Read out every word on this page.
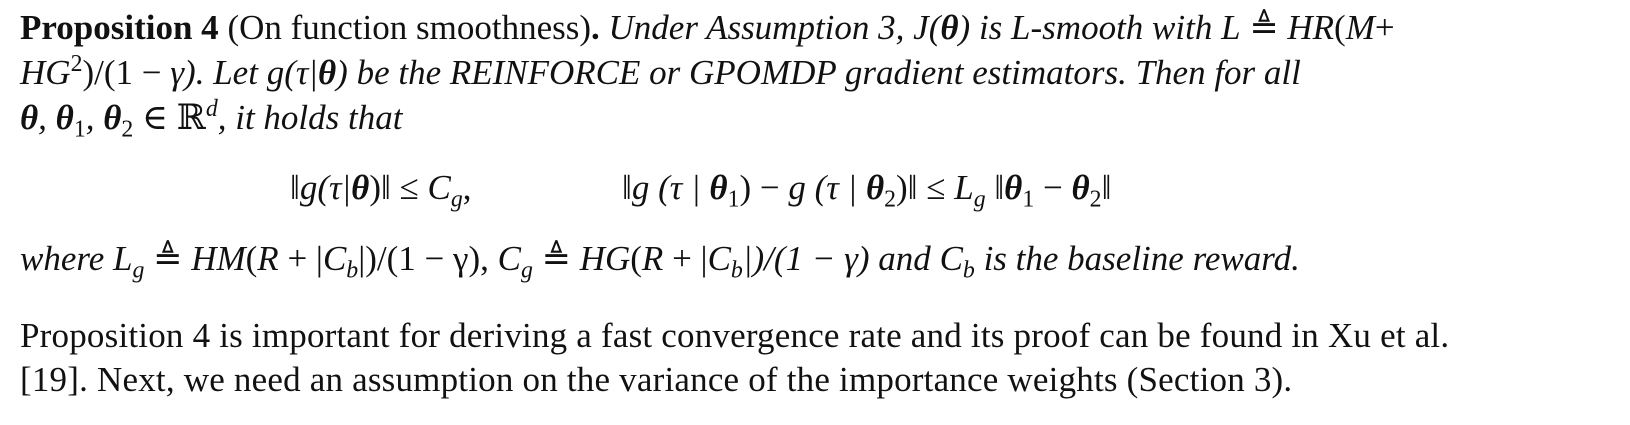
Proposition 4 (On function smoothness). Under Assumption 3, J(θ) is L-smooth with L ≜ HR(M+
$HG^2)/(1 - \gamma)$. Let g(τ|θ) be the REINFORCE or GPOMDP gradient estimators. Then for all
θ, $\theta_1$, $\theta_2$ ∈ ℝ$^d$, it holds that
‖g(τ|θ)‖ ≤ $C_g$,	‖g (τ | $\theta_1) - g$ (τ | $\theta_2)‖ \le L_g$ $‖\theta_1$ − $\theta_2‖$
where $L_g$ ≜ $HM(R + |C_b|)/(1 - \gamma)$, $C_g$ ≜ $HG(R + |C_b|)/(1 - \gamma)$ and $C_b$ is the baseline reward.
Proposition 4 is important for deriving a fast convergence rate and its proof can be found in Xu et al.
[19]. Next, we need an assumption on the variance of the importance weights (Section 3).
